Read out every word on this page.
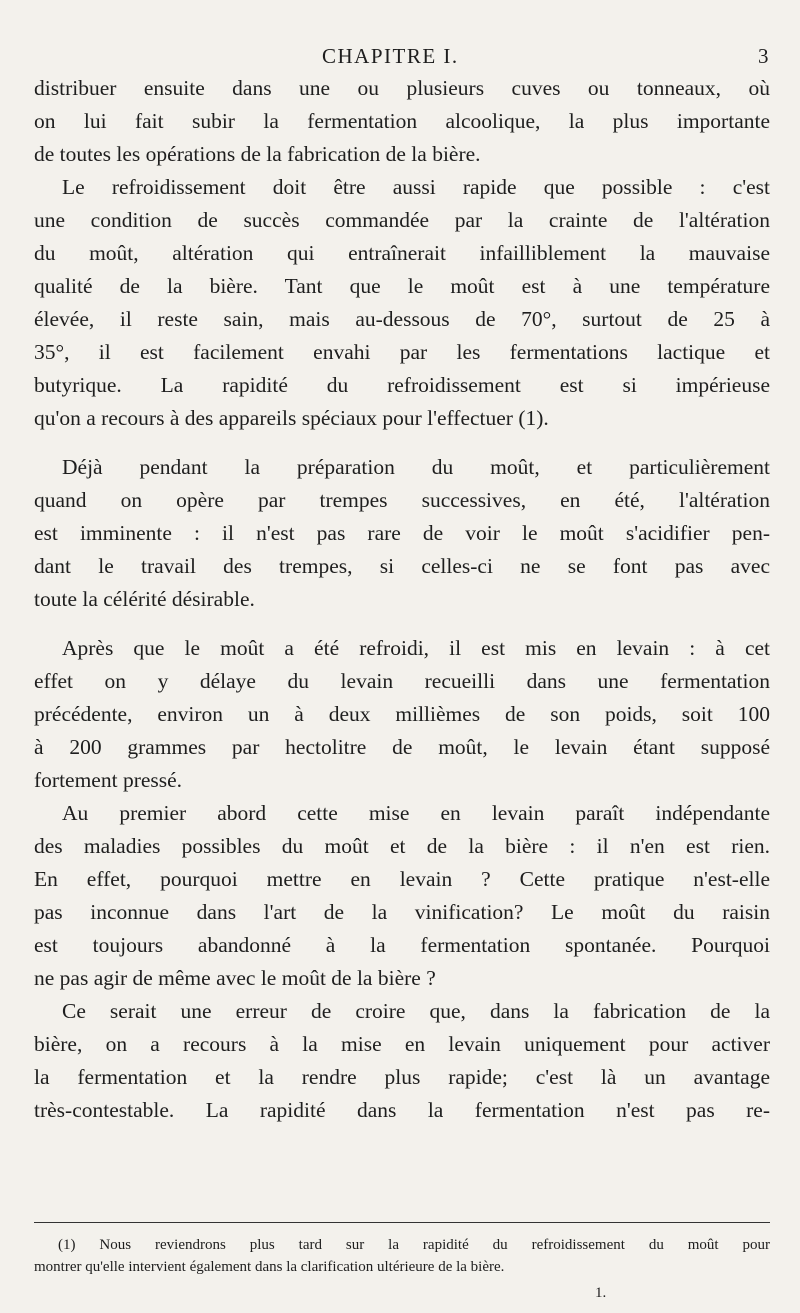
CHAPITRE I.	3

distribuer ensuite dans une ou plusieurs cuves ou tonneaux, où
on lui fait subir la fermentation alcoolique, la plus importante
de toutes les opérations de la fabrication de la bière.

Le refroidissement doit être aussi rapide que possible : c'est
une condition de succès commandée par la crainte de l'altération
du moût, altération qui entraînerait infailliblement la mauvaise
qualité de la bière. Tant que le moût est à une température
élevée, il reste sain, mais au-dessous de 70°, surtout de 25 à
35°, il est facilement envahi par les fermentations lactique et
butyrique. La rapidité du refroidissement est si impérieuse
qu'on a recours à des appareils spéciaux pour l'effectuer (1).

Déjà pendant la préparation du moût, et particulièrement
quand on opère par trempes successives, en été, l'altération
est imminente : il n'est pas rare de voir le moût s'acidifier pen-
dant le travail des trempes, si celles-ci ne se font pas avec
toute la célérité désirable.

Après que le moût a été refroidi, il est mis en levain : à cet
effet on y délaye du levain recueilli dans une fermentation
précédente, environ un à deux millièmes de son poids, soit 100
à 200 grammes par hectolitre de moût, le levain étant supposé
fortement pressé.

Au premier abord cette mise en levain paraît indépendante
des maladies possibles du moût et de la bière : il n'en est rien.
En effet, pourquoi mettre en levain ? Cette pratique n'est-elle
pas inconnue dans l'art de la vinification? Le moût du raisin
est toujours abandonné à la fermentation spontanée. Pourquoi
ne pas agir de même avec le moût de la bière ?

Ce serait une erreur de croire que, dans la fabrication de la
bière, on a recours à la mise en levain uniquement pour activer
la fermentation et la rendre plus rapide; c'est là un avantage
très-contestable. La rapidité dans la fermentation n'est pas re-

(1) Nous reviendrons plus tard sur la rapidité du refroidissement du moût pour
montrer qu'elle intervient également dans la clarification ultérieure de la bière.
1.
